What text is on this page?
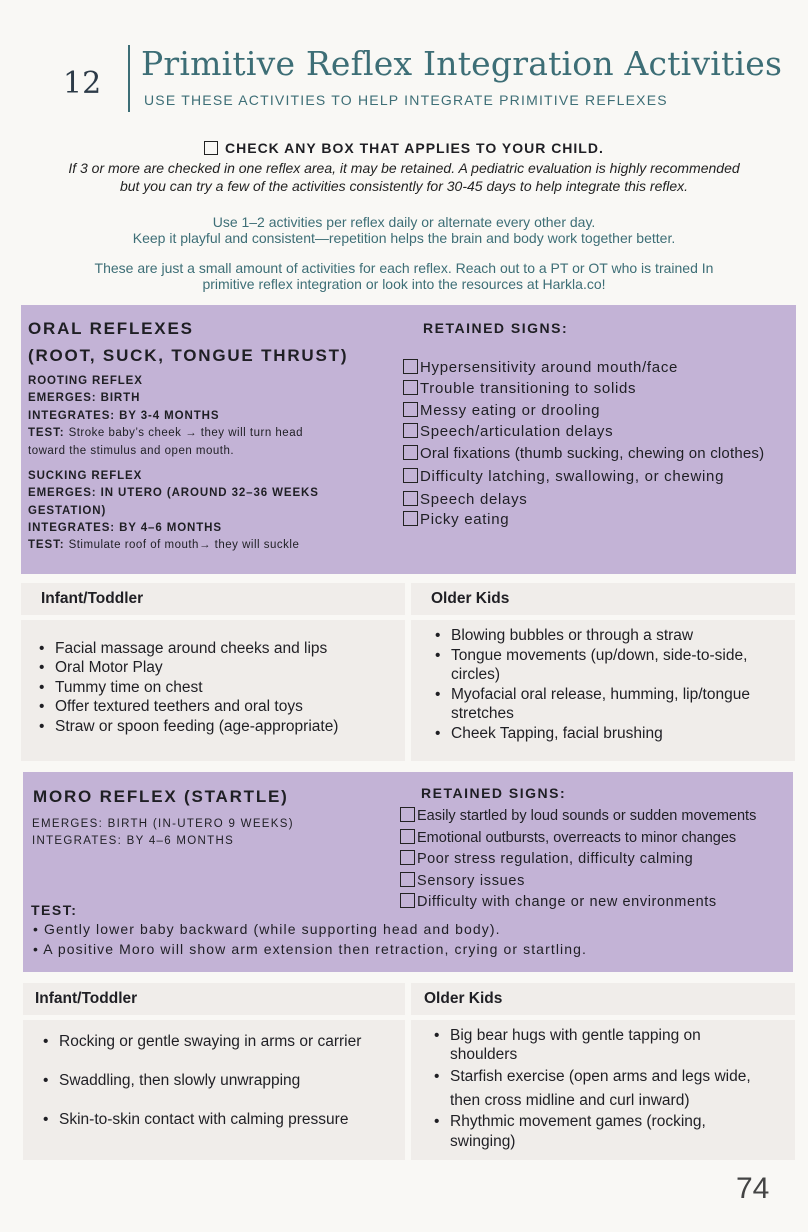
12
Primitive Reflex Integration Activities
USE THESE ACTIVITIES TO HELP INTEGRATE PRIMITIVE REFLEXES
CHECK ANY BOX THAT APPLIES TO YOUR CHILD.
If 3 or more are checked in one reflex area, it may be retained. A pediatric evaluation is highly recommended
but you can try a few of the activities consistently for 30-45 days to help integrate this reflex.
Use 1–2 activities per reflex daily or alternate every other day.
Keep it playful and consistent—repetition helps the brain and body work together better.
These are just a small amount of activities for each reflex. Reach out to a PT or OT who is trained In
primitive reflex integration or look into the resources at Harkla.co!
ORAL REFLEXES
(ROOT, SUCK, TONGUE THRUST)
ROOTING REFLEX
EMERGES: BIRTH
INTEGRATES: BY 3-4 MONTHS
TEST: Stroke baby’s cheek → they will turn head
toward the stimulus and open mouth.
SUCKING REFLEX
EMERGES: IN UTERO (AROUND 32–36 WEEKS
GESTATION)
INTEGRATES: BY 4–6 MONTHS
TEST: Stimulate roof of mouth→ they will suckle
RETAINED SIGNS:
Hypersensitivity around mouth/face
Trouble transitioning to solids
Messy eating or drooling
Speech/articulation delays
Oral fixations (thumb sucking, chewing on clothes)
Difficulty latching, swallowing, or chewing
Speech delays
Picky eating
Infant/Toddler	Older Kids
• Facial massage around cheeks and lips
• Oral Motor Play
• Tummy time on chest
• Offer textured teethers and oral toys
• Straw or spoon feeding (age-appropriate)
• Blowing bubbles or through a straw
• Tongue movements (up/down, side-to-side,
circles)
• Myofacial oral release, humming, lip/tongue
stretches
• Cheek Tapping, facial brushing
MORO REFLEX (STARTLE)
EMERGES: BIRTH (IN-UTERO 9 WEEKS)
INTEGRATES: BY 4–6 MONTHS
RETAINED SIGNS:
Easily startled by loud sounds or sudden movements
Emotional outbursts, overreacts to minor changes
Poor stress regulation, difficulty calming
Sensory issues
Difficulty with change or new environments
TEST:
• Gently lower baby backward (while supporting head and body).
• A positive Moro will show arm extension then retraction, crying or startling.
Infant/Toddler	Older Kids
• Rocking or gentle swaying in arms or carrier
• Swaddling, then slowly unwrapping
• Skin-to-skin contact with calming pressure
• Big bear hugs with gentle tapping on
shoulders
• Starfish exercise (open arms and legs wide,
then cross midline and curl inward)
• Rhythmic movement games (rocking,
swinging)
74
